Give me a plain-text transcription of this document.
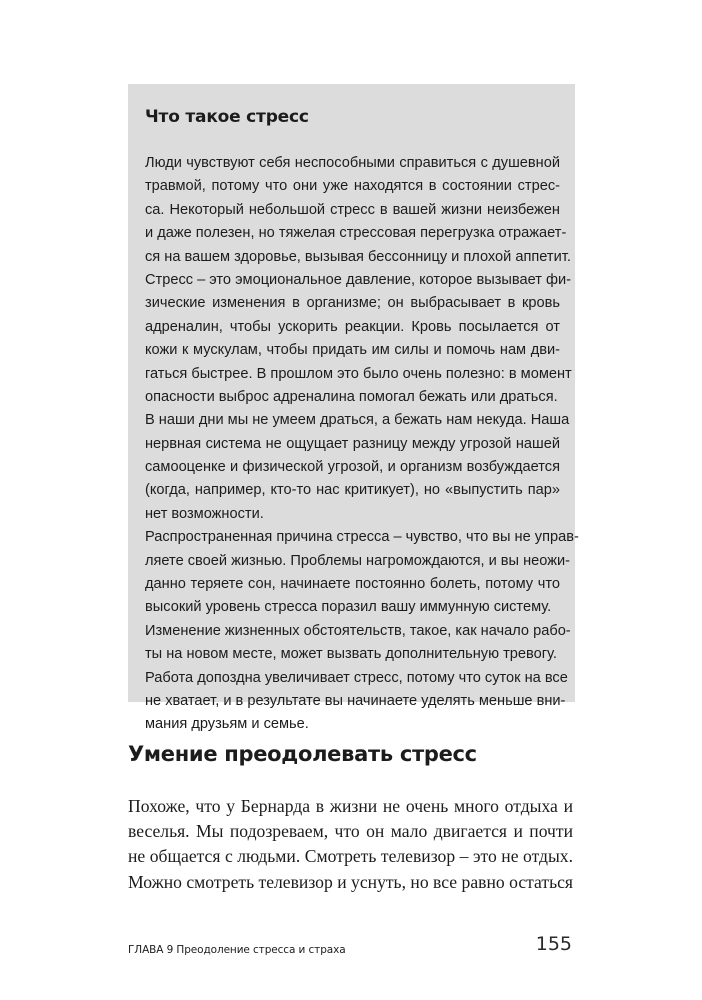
Что такое стресс
Люди чувствуют себя неспособными справиться с душевной
травмой, потому что они уже находятся в состоянии стрес-
са. Некоторый небольшой стресс в вашей жизни неизбежен
и даже полезен, но тяжелая стрессовая перегрузка отражает-
ся на вашем здоровье, вызывая бессонницу и плохой аппетит.
Стресс – это эмоциональное давление, которое вызывает фи-
зические изменения в организме; он выбрасывает в кровь
адреналин, чтобы ускорить реакции. Кровь посылается от
кожи к мускулам, чтобы придать им силы и помочь нам дви-
гаться быстрее. В прошлом это было очень полезно: в момент
опасности выброс адреналина помогал бежать или драться.
В наши дни мы не умеем драться, а бежать нам некуда. Наша
нервная система не ощущает разницу между угрозой нашей
самооценке и физической угрозой, и организм возбуждается
(когда, например, кто-то нас критикует), но «выпустить пар»
нет возможности.
Распространенная причина стресса – чувство, что вы не управ-
ляете своей жизнью. Проблемы нагромождаются, и вы неожи-
данно теряете сон, начинаете постоянно болеть, потому что
высокий уровень стресса поразил вашу иммунную систему.
Изменение жизненных обстоятельств, такое, как начало рабо-
ты на новом месте, может вызвать дополнительную тревогу.
Работа допоздна увеличивает стресс, потому что суток на все
не хватает, и в результате вы начинаете уделять меньше вни-
мания друзьям и семье.
Умение преодолевать стресс
Похоже, что у Бернарда в жизни не очень много отдыха и
веселья. Мы подозреваем, что он мало двигается и почти
не общается с людьми. Смотреть телевизор – это не отдых.
Можно смотреть телевизор и уснуть, но все равно остаться
ГЛАВА 9 Преодоление стресса и страха	155
